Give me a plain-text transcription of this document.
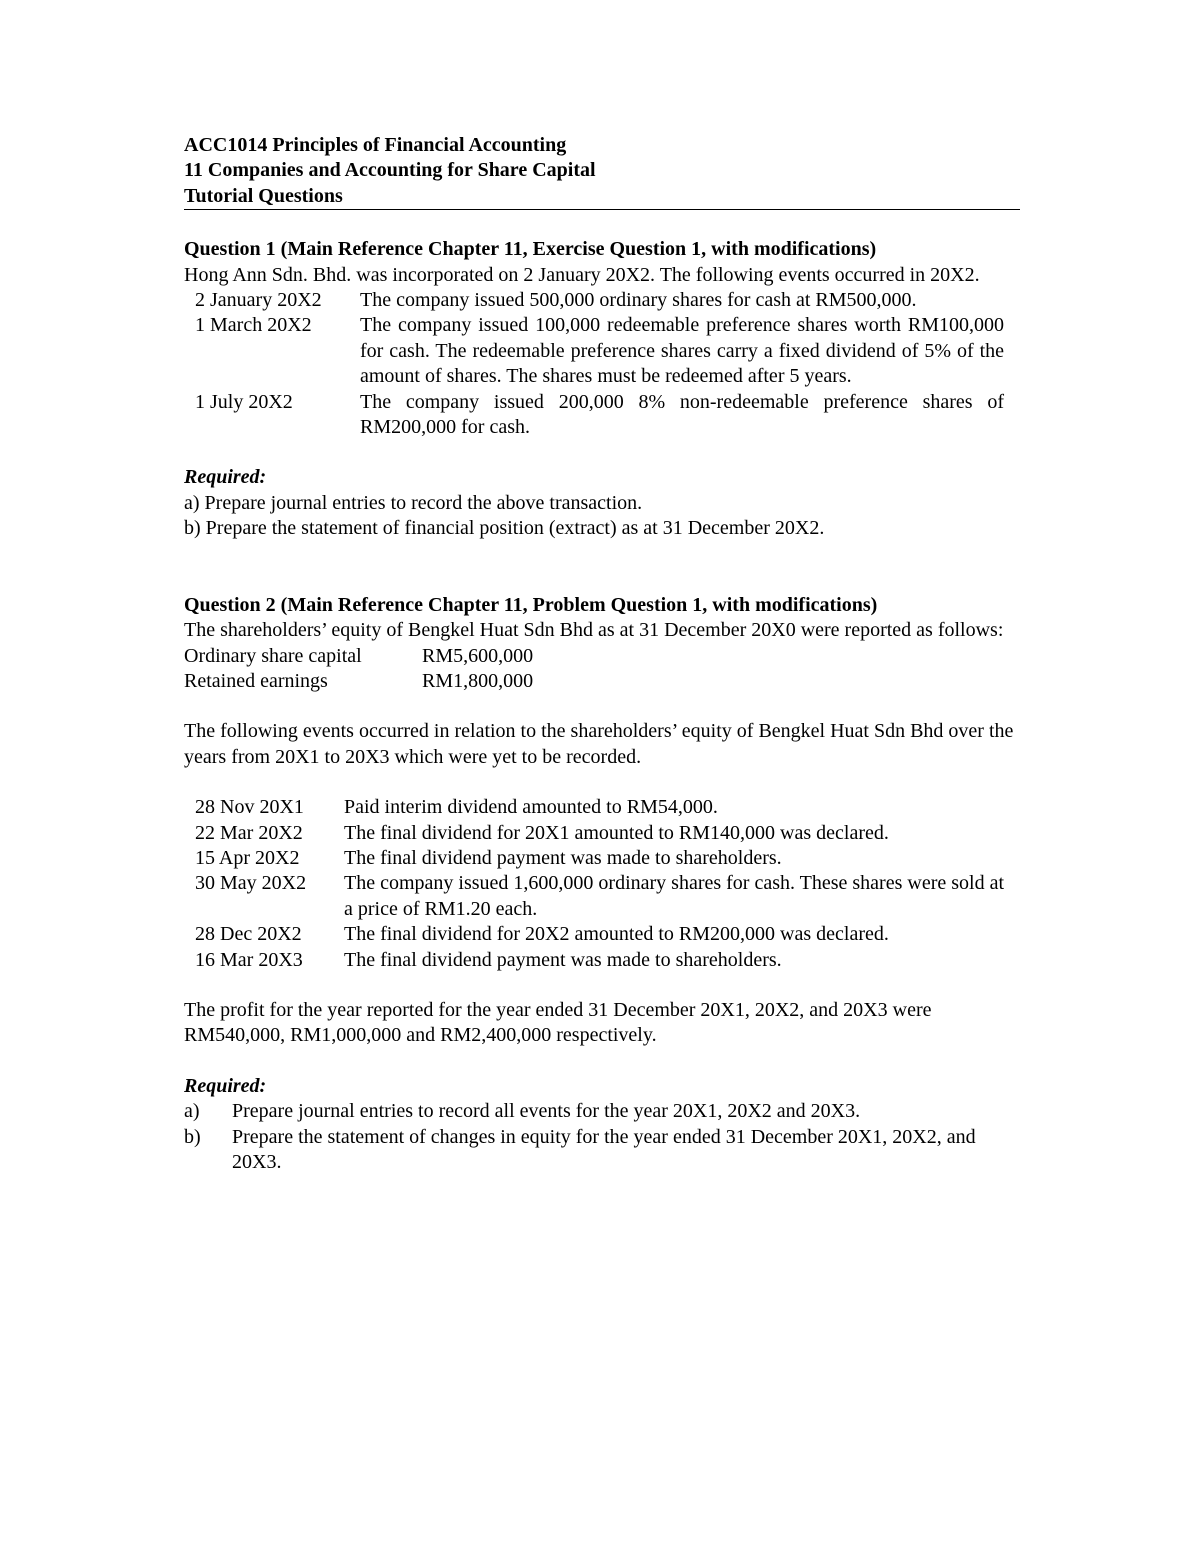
ACC1014 Principles of Financial Accounting
11 Companies and Accounting for Share Capital
Tutorial Questions
Question 1 (Main Reference Chapter 11, Exercise Question 1, with modifications)

Hong Ann Sdn. Bhd. was incorporated on 2 January 20X2. The following events occurred in 20X2.

2 January 20X2	The company issued 500,000 ordinary shares for cash at RM500,000.
1 March 20X2	The company issued 100,000 redeemable preference shares worth RM100,000 for cash. The redeemable preference shares carry a fixed dividend of 5% of the amount of shares. The shares must be redeemed after 5 years.
1 July 20X2	The company issued 200,000 8% non-redeemable preference shares of RM200,000 for cash.
Required:
a) Prepare journal entries to record the above transaction.
b) Prepare the statement of financial position (extract) as at 31 December 20X2.
Question 2 (Main Reference Chapter 11, Problem Question 1, with modifications)

The shareholders’ equity of Bengkel Huat Sdn Bhd as at 31 December 20X0 were reported as follows:

Ordinary share capital	RM5,600,000
Retained earnings	RM1,800,000

The following events occurred in relation to the shareholders’ equity of Bengkel Huat Sdn Bhd over the years from 20X1 to 20X3 which were yet to be recorded.

28 Nov 20X1	Paid interim dividend amounted to RM54,000.
22 Mar 20X2	The final dividend for 20X1 amounted to RM140,000 was declared.
15 Apr 20X2	The final dividend payment was made to shareholders.
30 May 20X2	The company issued 1,600,000 ordinary shares for cash. These shares were sold at a price of RM1.20 each.
28 Dec 20X2	The final dividend for 20X2 amounted to RM200,000 was declared.
16 Mar 20X3	The final dividend payment was made to shareholders.

The profit for the year reported for the year ended 31 December 20X1, 20X2, and 20X3 were RM540,000, RM1,000,000 and RM2,400,000 respectively.

Required:
a)	Prepare journal entries to record all events for the year 20X1, 20X2 and 20X3.
b)	Prepare the statement of changes in equity for the year ended 31 December 20X1, 20X2, and 20X3.
